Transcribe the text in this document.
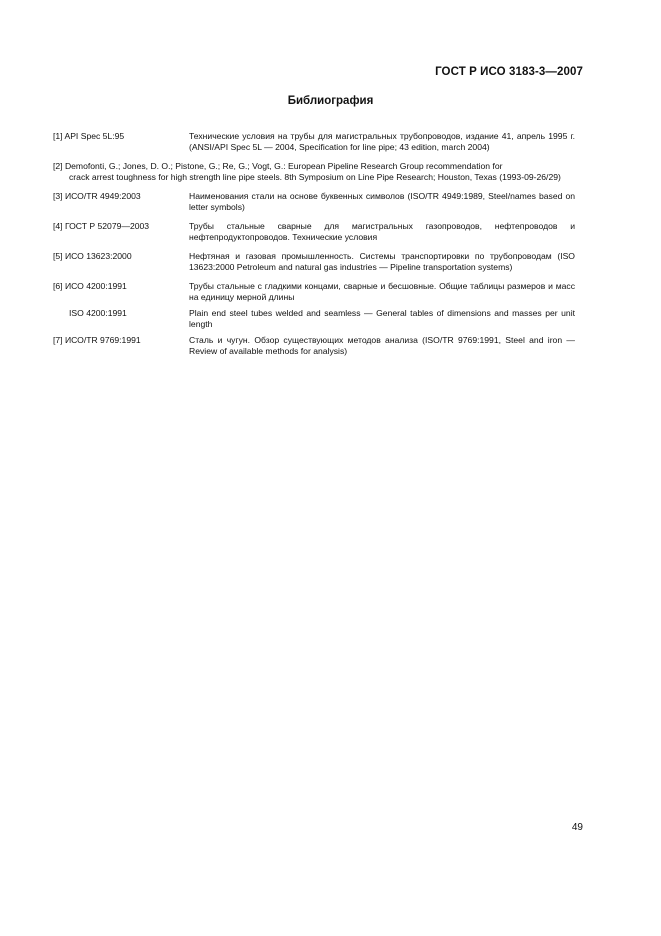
ГОСТ Р ИСО 3183-3—2007
Библиография
[1] API Spec 5L:95	Технические условия на трубы для магистральных трубопроводов, издание 41, апрель 1995 г. (ANSI/API Spec 5L — 2004, Specification for line pipe; 43 edition, march 2004)
[2] Demofonti, G.; Jones, D. O.; Pistone, G.; Re, G.; Vogt, G.: European Pipeline Research Group recommendation for
crack arrest toughness for high strength line pipe steels. 8th Symposium on Line Pipe Research; Houston, Texas (1993-09-26/29)
[3] ИСО/TR 4949:2003	Наименования стали на основе буквенных символов (ISO/TR 4949:1989, Steel/names based on letter symbols)
[4] ГОСТ Р 52079—2003	Трубы стальные сварные для магистральных газопроводов, нефтепроводов и нефтепродуктопроводов. Технические условия
[5] ИСО 13623:2000	Нефтяная и газовая промышленность. Системы транспортировки по трубопроводам (ISO 13623:2000 Petroleum and natural gas industries — Pipeline transportation systems)
[6] ИСО 4200:1991	Трубы стальные с гладкими концами, сварные и бесшовные. Общие таблицы размеров и масс на единицу мерной длины
ISO 4200:1991	Plain end steel tubes welded and seamless — General tables of dimensions and masses per unit length
[7] ИСО/TR 9769:1991	Сталь и чугун. Обзор существующих методов анализа (ISO/TR 9769:1991, Steel and iron — Review of available methods for analysis)
49
